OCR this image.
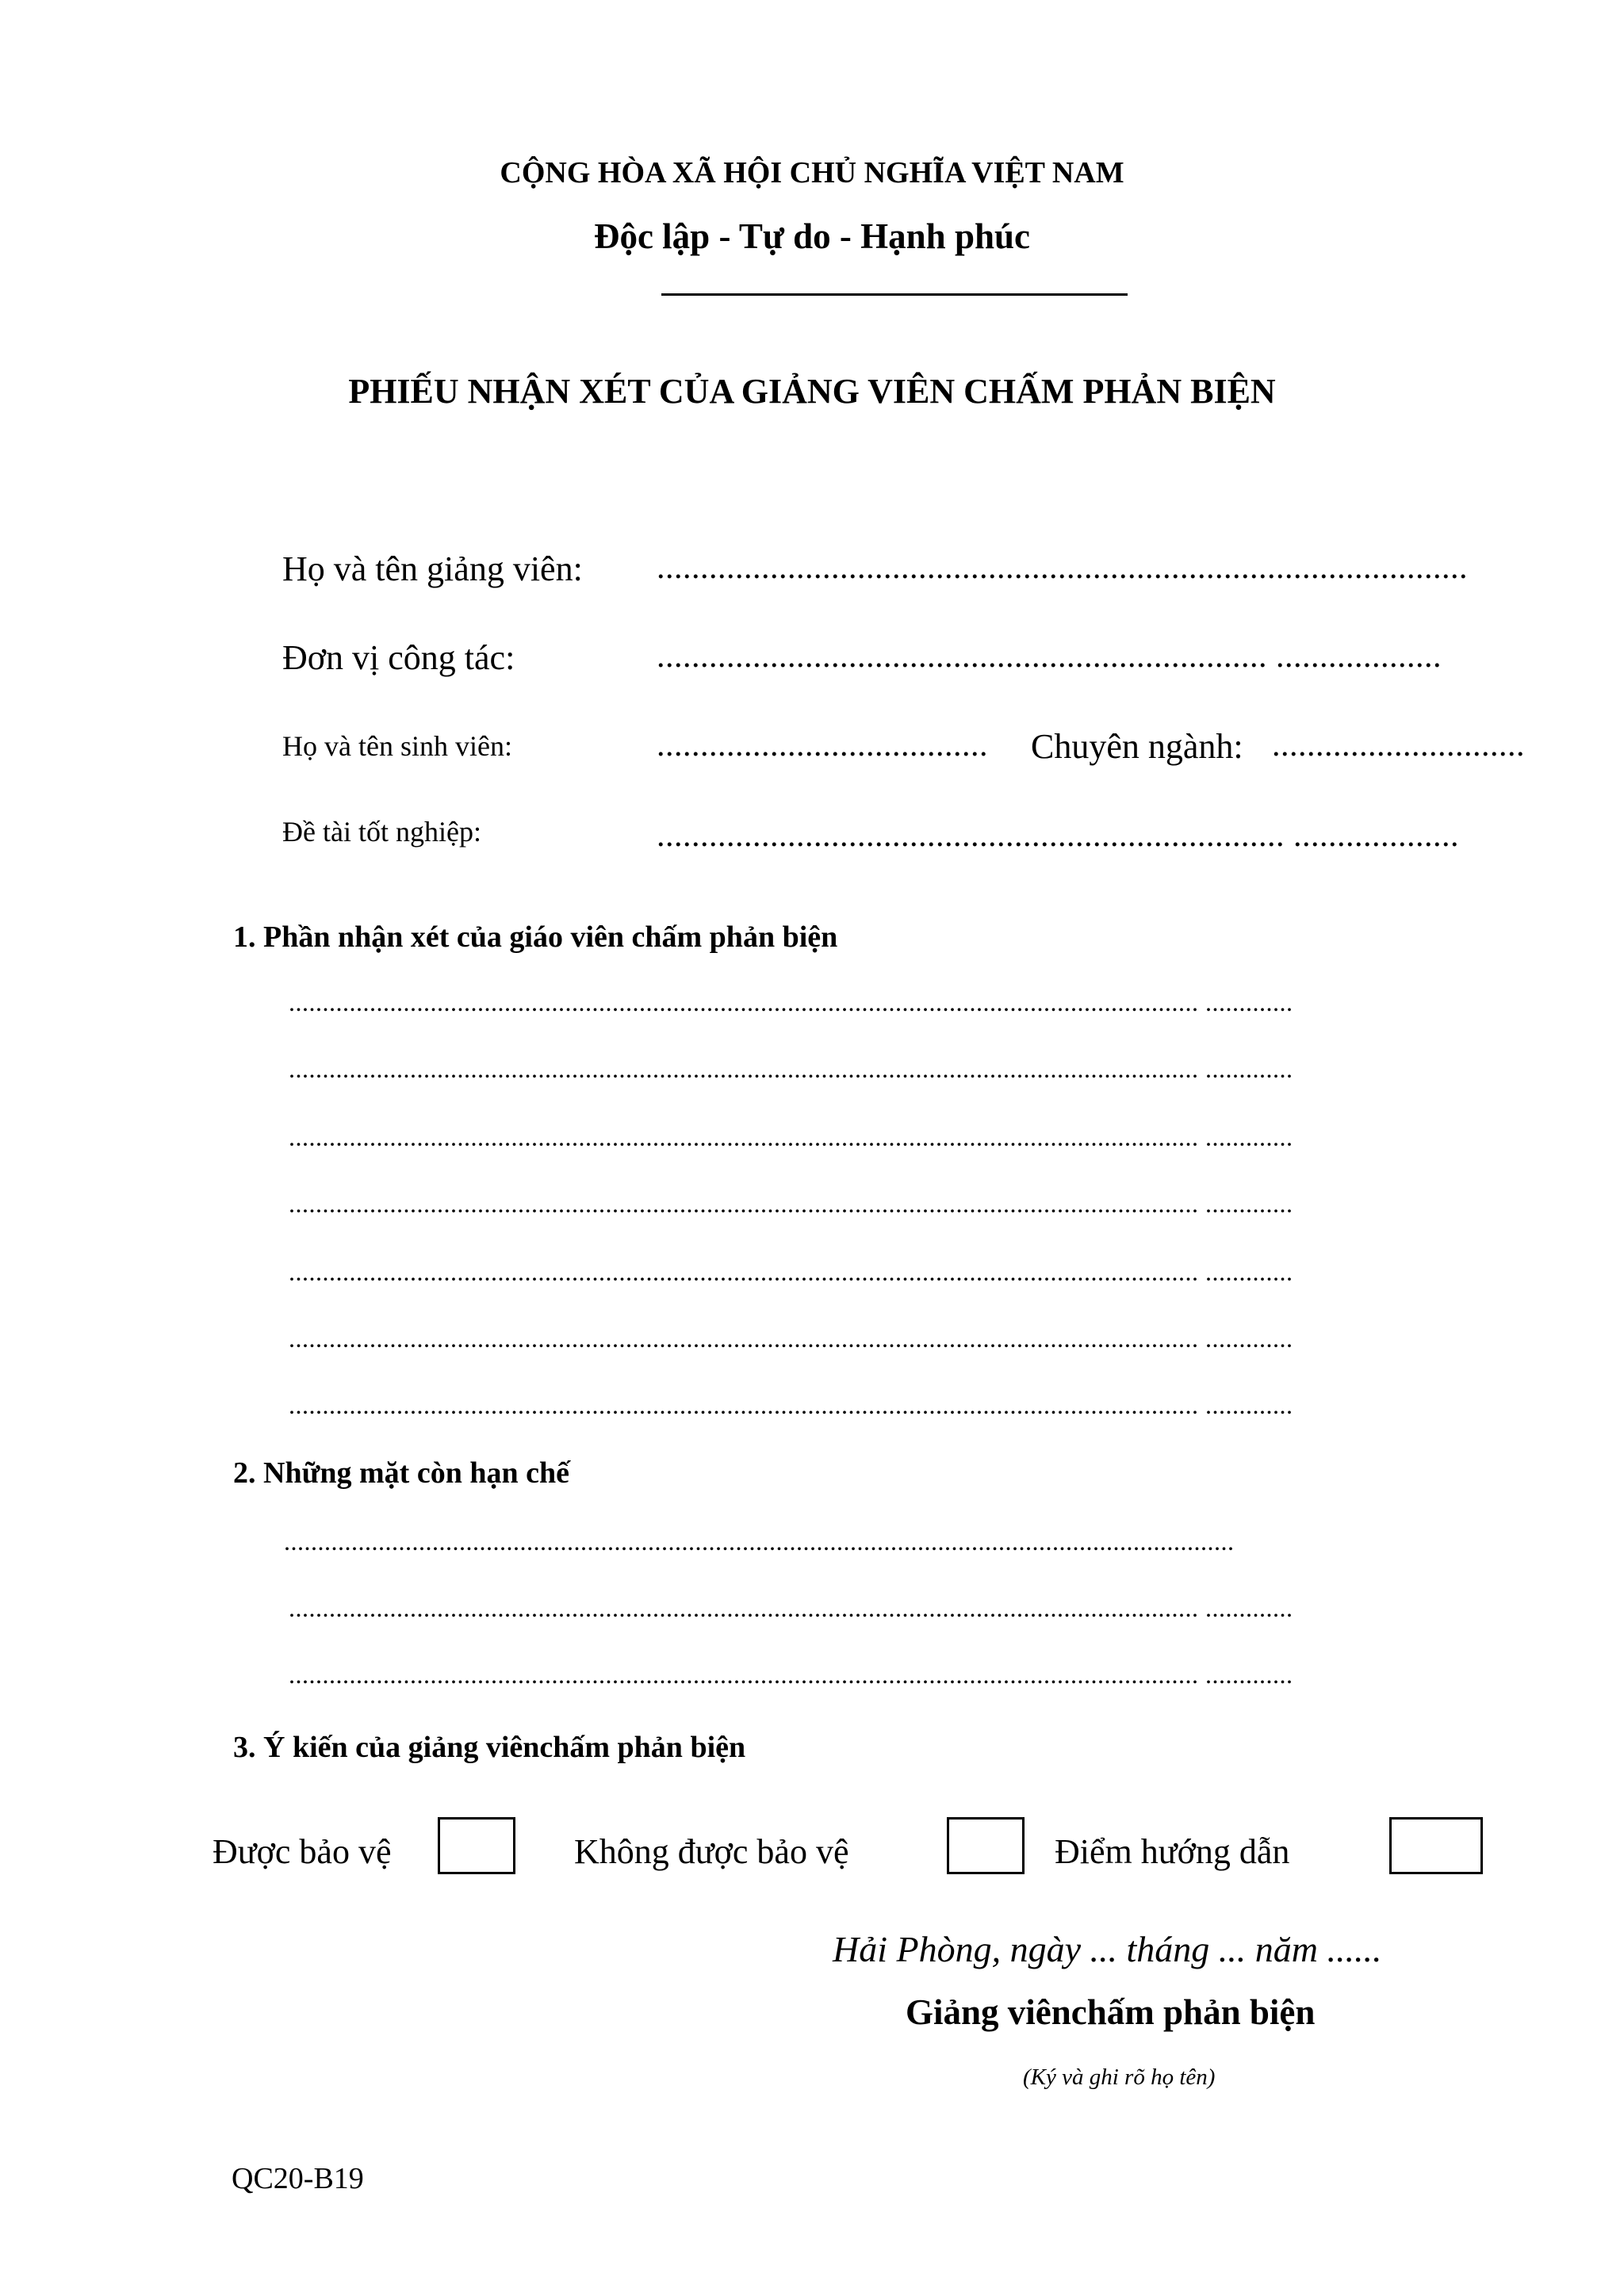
CỘNG HÒA XÃ HỘI CHỦ NGHĨA VIỆT NAM
Độc lập - Tự do - Hạnh phúc
PHIẾU NHẬN XÉT CỦA GIẢNG VIÊN CHẤM PHẢN BIỆN
Họ và tên giảng viên: .............................................................................................
Đơn vị công tác:	...................................................................... ...................
Họ và tên sinh viên:	......................................	Chuyên ngành: .............................
Đề tài tốt nghiệp:	........................................................................ ...................
1. Phần nhận xét của giáo viên chấm phản biện
....................................................................................................................................... .............
....................................................................................................................................... .............
....................................................................................................................................... .............
....................................................................................................................................... .............
....................................................................................................................................... .............
....................................................................................................................................... .............
....................................................................................................................................... .............
2. Những mặt còn hạn chế
.............................................................................................................................................
....................................................................................................................................... .............
....................................................................................................................................... .............
3. Ý kiến của giảng viênchấm phản biện
Được bảo vệ	Không được bảo vệ	Điểm hướng dẫn
Hải Phòng, ngày ... tháng ... năm ......
Giảng viênchấm phản biện
(Ký và ghi rõ họ tên)
QC20-B19
